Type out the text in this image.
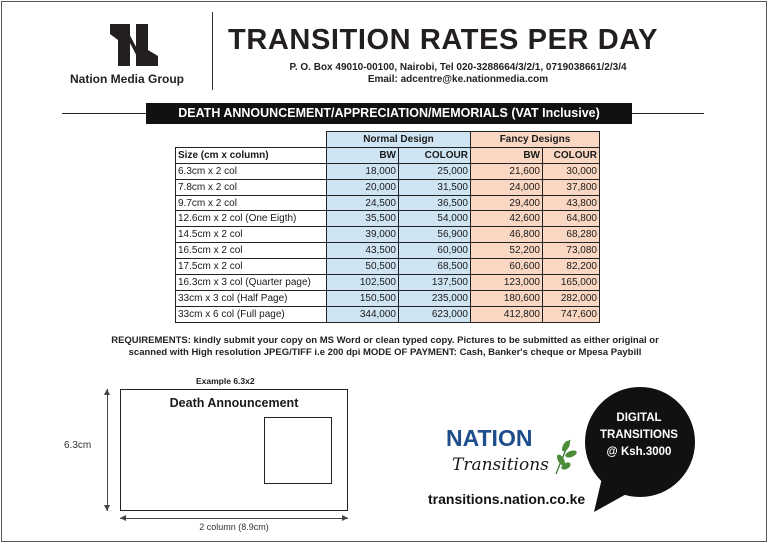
Nation Media Group
TRANSITION RATES PER DAY
P. O. Box 49010-00100, Nairobi, Tel 020-3288664/3/2/1, 0719038661/2/3/4
Email: adcentre@ke.nationmedia.com
DEATH ANNOUNCEMENT/APPRECIATION/MEMORIALS (VAT Inclusive)
	Normal Design		Fancy Designs	
Size (cm x column)	BW	COLOUR	BW	COLOUR
6.3cm x 2 col	18,000	25,000	21,600	30,000
7.8cm x 2 col	20,000	31,500	24,000	37,800
9.7cm x 2 col	24,500	36,500	29,400	43,800
12.6cm x 2 col (One Eigth)	35,500	54,000	42,600	64,800
14.5cm x 2 col	39,000	56,900	46,800	68,280
16.5cm x 2 col	43,500	60,900	52,200	73,080
17.5cm x 2 col	50,500	68,500	60,600	82,200
16.3cm x 3 col (Quarter page)	102,500	137,500	123,000	165,000
33cm x 3 col (Half Page)	150,500	235,000	180,600	282,000
33cm x 6 col (Full page)	344,000	623,000	412,800	747,600
REQUIREMENTS: kindly submit your copy on MS Word or clean typed copy. Pictures to be submitted as either original or
scanned with High resolution JPEG/TIFF i.e 200 dpi MODE OF PAYMENT: Cash, Banker's cheque or Mpesa Paybill
Example 6.3x2
Death Announcement
6.3cm
2 column (8.9cm)
NATION
Transitions
transitions.nation.co.ke
DIGITAL
TRANSITIONS
@ Ksh.3000
